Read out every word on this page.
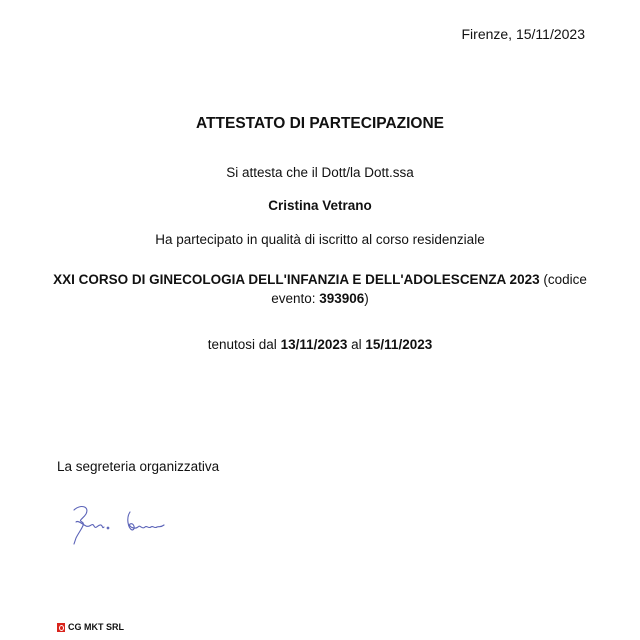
Firenze, 15/11/2023
ATTESTATO DI PARTECIPAZIONE
Si attesta che il Dott/la Dott.ssa
Cristina Vetrano
Ha partecipato in qualità di iscritto al corso residenziale
XXI CORSO DI GINECOLOGIA DELL'INFANZIA E DELL'ADOLESCENZA 2023 (codice evento: 393906)
tenutosi dal 13/11/2023 al 15/11/2023
La segreteria organizzativa
CG MKT SRL
